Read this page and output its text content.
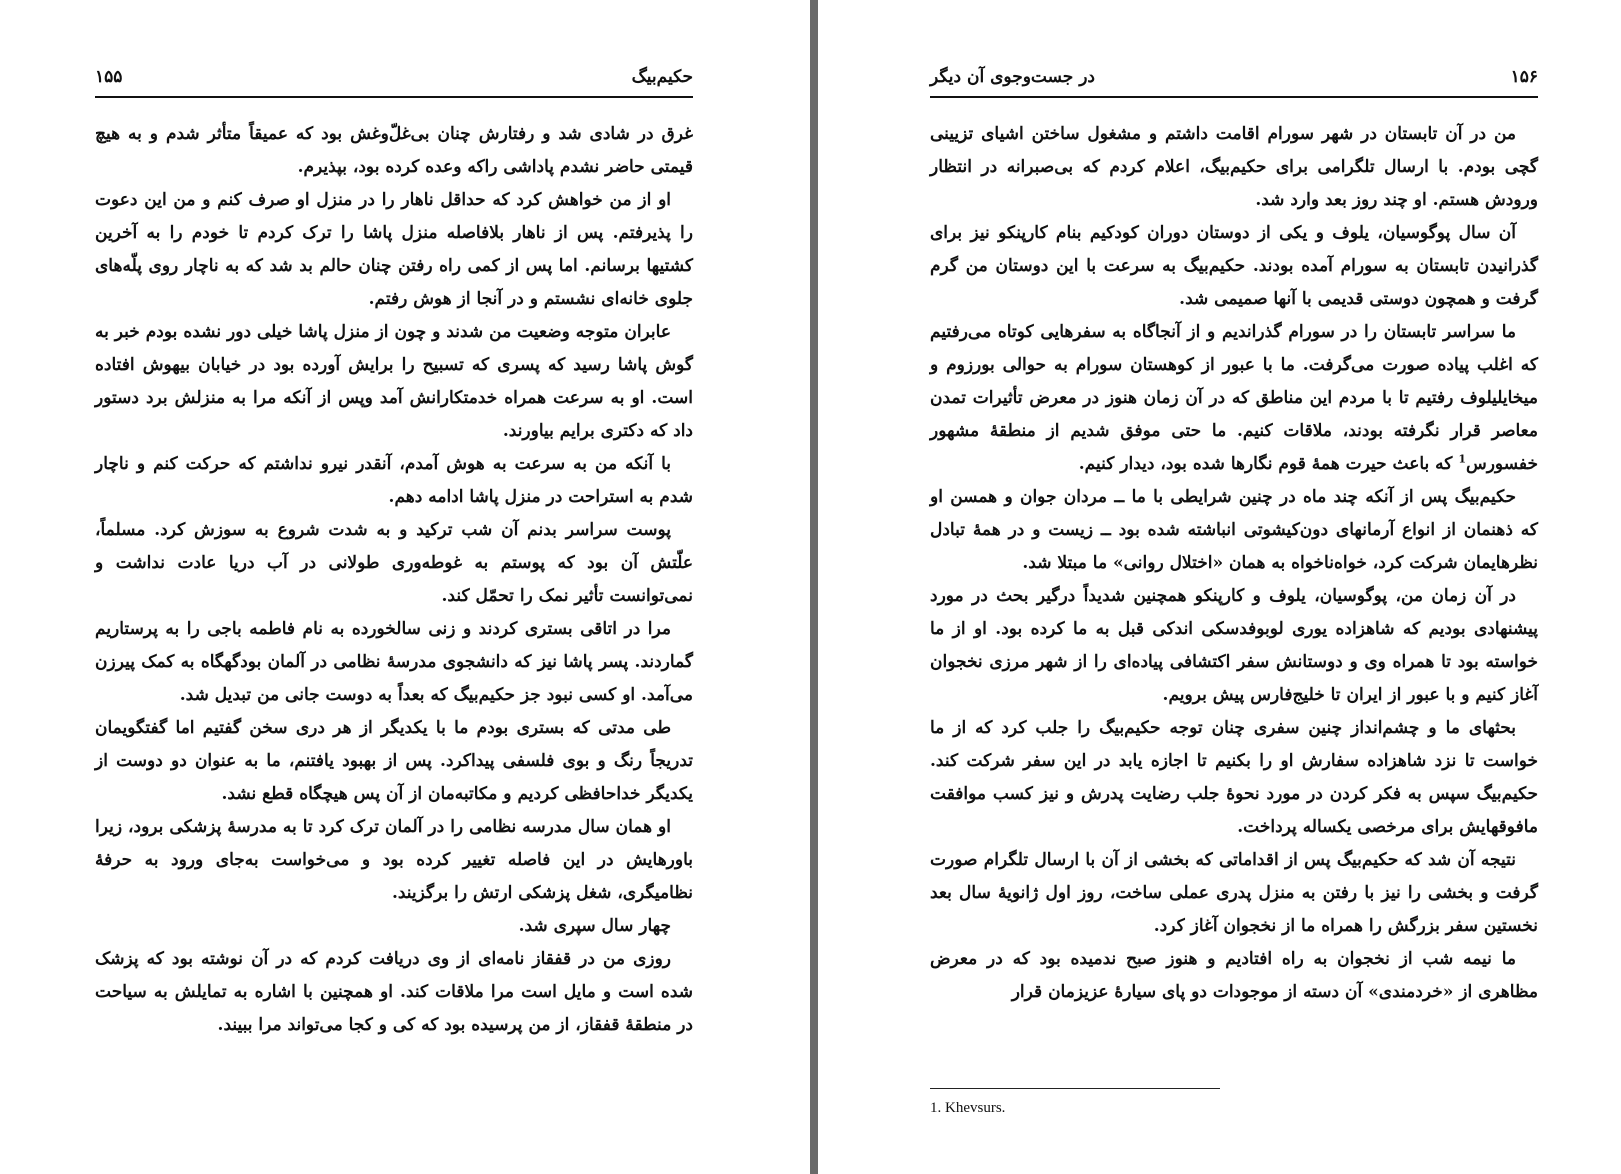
حکیم‌بیگ
۱۵۵

غرق در شادی شد و رفتارش چنان بی‌غلّ‌وغش بود که عمیقاً متأثر شدم و به هیچ قیمتی حاضر نشدم پاداشی راکه وعده کرده بود، بپذیرم.

او از من خواهش کرد که حداقل ناهار را در منزل او صرف کنم و من این دعوت را پذیرفتم. پس از ناهار بلافاصله منزل پاشا را ترک کردم تا خودم را به آخرین کشتیها برسانم. اما پس از کمی راه رفتن چنان حالم بد شد که به ناچار روی پلّه‌های جلوی خانه‌ای نشستم و در آنجا از هوش رفتم.

عابران متوجه وضعیت من شدند و چون از منزل پاشا خیلی دور نشده بودم خبر به گوش پاشا رسید که پسری که تسبیح را برایش آورده بود در خیابان بیهوش افتاده است. او به سرعت همراه خدمتکارانش آمد وپس از آنکه مرا به منزلش برد دستور داد که دکتری برایم بیاورند.

با آنکه من به سرعت به هوش آمدم، آنقدر نیرو نداشتم که حرکت کنم و ناچار شدم به استراحت در منزل پاشا ادامه دهم.

پوست سراسر بدنم آن شب ترکید و به شدت شروع به سوزش کرد. مسلماً، علّتش آن بود که پوستم به غوطه‌وری طولانی در آب دریا عادت نداشت و نمی‌توانست تأثیر نمک را تحمّل کند.

مرا در اتاقی بستری کردند و زنی سالخورده به نام فاطمه باجی را به پرستاریم گماردند. پسر پاشا نیز که دانشجوی مدرسهٔ نظامی در آلمان بودگهگاه به کمک پیرزن می‌آمد. او کسی نبود جز حکیم‌بیگ که بعداً به دوست جانی من تبدیل شد.

طی مدتی که بستری بودم ما با یکدیگر از هر دری سخن گفتیم اما گفتگویمان تدریجاً رنگ و بوی فلسفی پیداکرد. پس از بهبود یافتنم، ما به عنوان دو دوست از یکدیگر خداحافظی کردیم و مکاتبه‌مان از آن پس هیچگاه قطع نشد.

او همان سال مدرسه نظامی را در آلمان ترک کرد تا به مدرسهٔ پزشکی برود، زیرا باورهایش در این فاصله تغییر کرده بود و می‌خواست به‌جای ورود به حرفهٔ نظامیگری، شغل پزشکی ارتش را برگزیند.

چهار سال سپری شد.

روزی من در قفقاز نامه‌ای از وی دریافت کردم که در آن نوشته بود که پزشک شده است و مایل است مرا ملاقات کند. او همچنین با اشاره به تمایلش به سیاحت در منطقهٔ قفقاز، از من پرسیده بود که کی و کجا می‌تواند مرا ببیند.

در جست‌وجوی آن دیگر	۱۵۶

من در آن تابستان در شهر سورام اقامت داشتم و مشغول ساختن اشیای تزیینی گچی بودم. با ارسال تلگرامی برای حکیم‌بیگ، اعلام کردم که بی‌صبرانه در انتظار ورودش هستم. او چند روز بعد وارد شد.

آن سال پوگوسیان، یلوف و یکی از دوستان دوران کودکیم بنام کارپنکو نیز برای گذرانیدن تابستان به سورام آمده بودند. حکیم‌بیگ به سرعت با این دوستان من گرم گرفت و همچون دوستی قدیمی با آنها صمیمی شد.

ما سراسر تابستان را در سورام گذراندیم و از آنجاگاه به سفرهایی کوتاه می‌رفتیم که اغلب پیاده صورت می‌گرفت. ما با عبور از کوهستان سورام به حوالی بورزوم و میخایلیلوف رفتیم تا با مردم این مناطق که در آن زمان هنوز در معرض تأثیرات تمدن معاصر قرار نگرفته بودند، ملاقات کنیم. ما حتی موفق شدیم از منطقهٔ مشهور خفسورس$^1$ که باعث حیرت همهٔ قوم نگارها شده بود، دیدار کنیم.

حکیم‌بیگ پس از آنکه چند ماه در چنین شرایطی با ما ــ مردان جوان و همسن او که ذهنمان از انواع آرمانهای دون‌کیشوتی انباشته شده بود ــ زیست و در همهٔ تبادل نظرهایمان شرکت کرد، خواه‌ناخواه به همان «اختلال روانی» ما مبتلا شد.

در آن زمان من، پوگوسیان، یلوف و کارپنکو همچنین شدیداً درگیر بحث در مورد پیشنهادی بودیم که شاهزاده یوری لوبوفدسکی اندکی قبل به ما کرده بود. او از ما خواسته بود تا همراه وی و دوستانش سفر اکتشافی پیاده‌ای را از شهر مرزی نخجوان آغاز کنیم و با عبور از ایران تا خلیج‌فارس پیش برویم.

بحثهای ما و چشم‌انداز چنین سفری چنان توجه حکیم‌بیگ را جلب کرد که از ما خواست تا نزد شاهزاده سفارش او را بکنیم تا اجازه یابد در این سفر شرکت کند. حکیم‌بیگ سپس به فکر کردن در مورد نحوهٔ جلب رضایت پدرش و نیز کسب موافقت مافوقهایش برای مرخصی یکساله پرداخت.

نتیجه آن شد که حکیم‌بیگ پس از اقداماتی که بخشی از آن با ارسال تلگرام صورت گرفت و بخشی را نیز با رفتن به منزل پدری عملی ساخت، روز اول ژانویهٔ سال بعد نخستین سفر بزرگش را همراه ما از نخجوان آغاز کرد.

ما نیمه شب از نخجوان به راه افتادیم و هنوز صبح ندمیده بود که در معرض مظاهری از «خردمندی» آن دسته از موجودات دو پای سیارهٔ عزیزمان قرار

1. Khevsurs.
